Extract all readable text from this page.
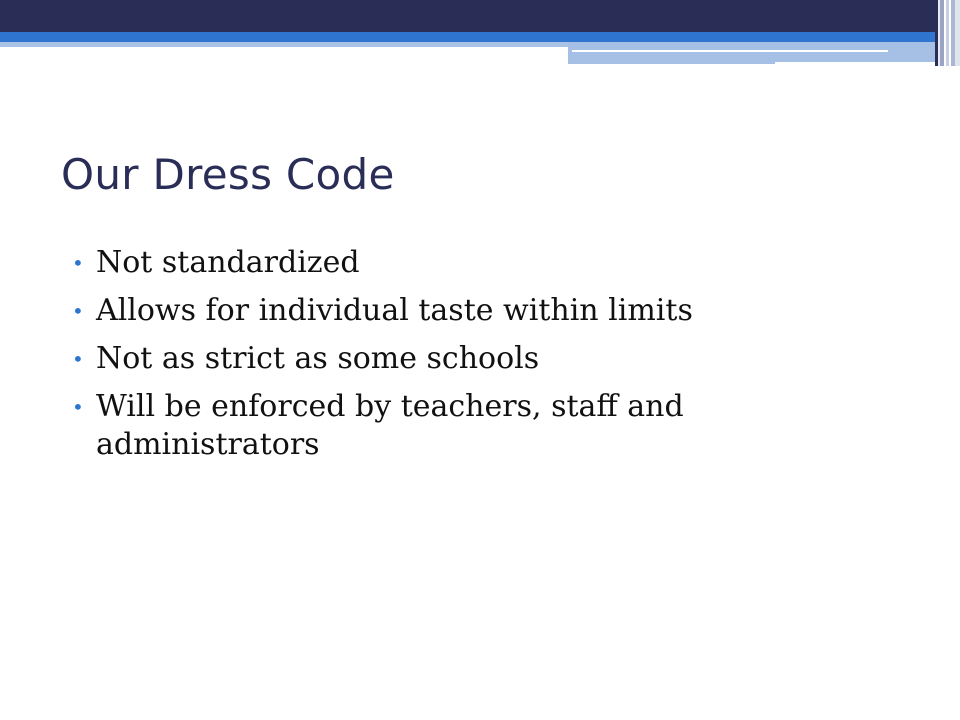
Our Dress Code
• Not standardized
• Allows for individual taste within limits
• Not as strict as some schools
• Will be enforced by teachers, staff and administrators
